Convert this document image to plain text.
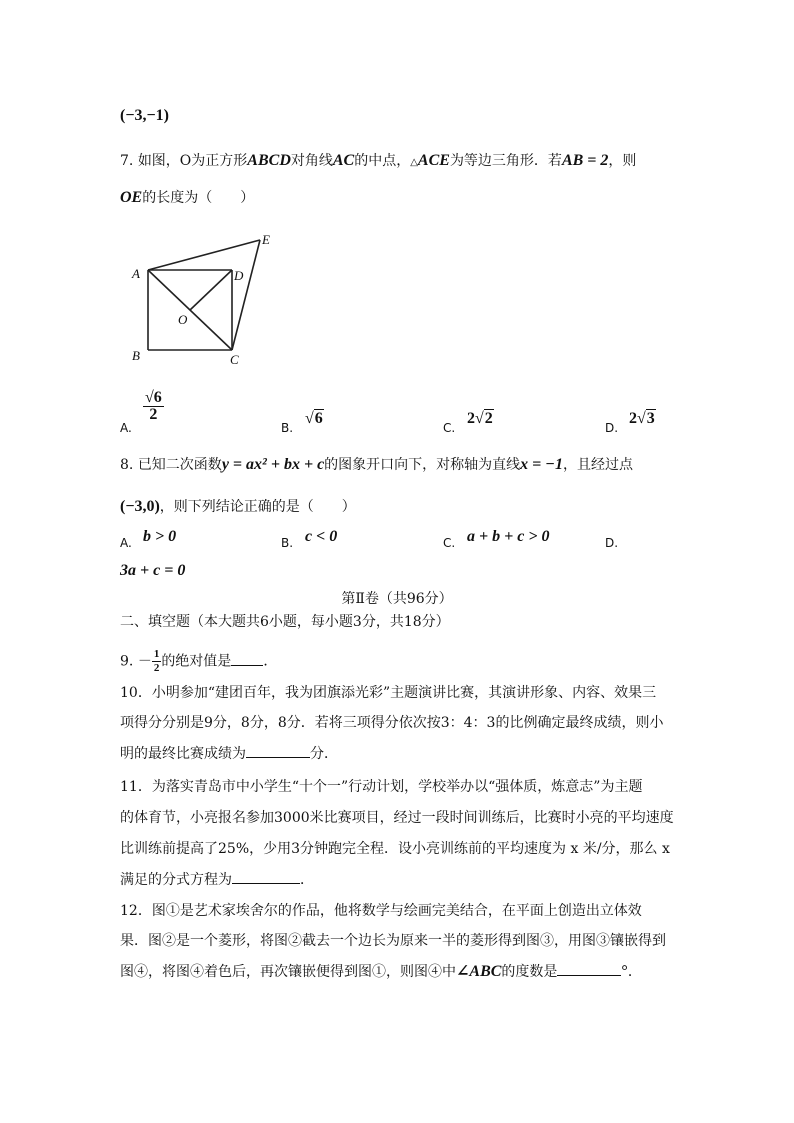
(−3,−1)
7. 如图，O为正方形ABCD对角线AC的中点，△ACE为等边三角形．若AB = 2，则
OE的长度为（　　）
A
B	C
D
E
O
A.
$\frac{√6}{2}$
B.
√6
C.
2√2
D.
2√3
8. 已知二次函数y = ax² + bx + c的图象开口向下，对称轴为直线x = −1，且经过点
(−3,0)，则下列结论正确的是（　　）
A. b > 0	B. c < 0	C. a + b + c > 0	D.
3a + c = 0
第Ⅱ卷（共96分）
二、填空题（本大题共6小题，每小题3分，共18分）
9. － $\frac{1}{2}$ 的绝对值是 ．
10．小明参加“建团百年，我为团旗添光彩”主题演讲比赛，其演讲形象、内容、效果三
项得分分别是9分，8分，8分．若将三项得分依次按3：4：3的比例确定最终成绩，则小
明的最终比赛成绩为	分．
11．为落实青岛市中小学生“十个一”行动计划，学校举办以“强体质，炼意志”为主题
的体育节，小亮报名参加3000米比赛项目，经过一段时间训练后，比赛时小亮的平均速度
比训练前提高了25%，少用3分钟跑完全程．设小亮训练前的平均速度为 x 米/分，那么 x
满足的分式方程为	．
12．图①是艺术家埃舍尔的作品，他将数学与绘画完美结合，在平面上创造出立体效
果．图②是一个菱形，将图②截去一个边长为原来一半的菱形得到图③，用图③镶嵌得到
图④，将图④着色后，再次镶嵌便得到图①，则图④中∠ABC的度数是	°．
